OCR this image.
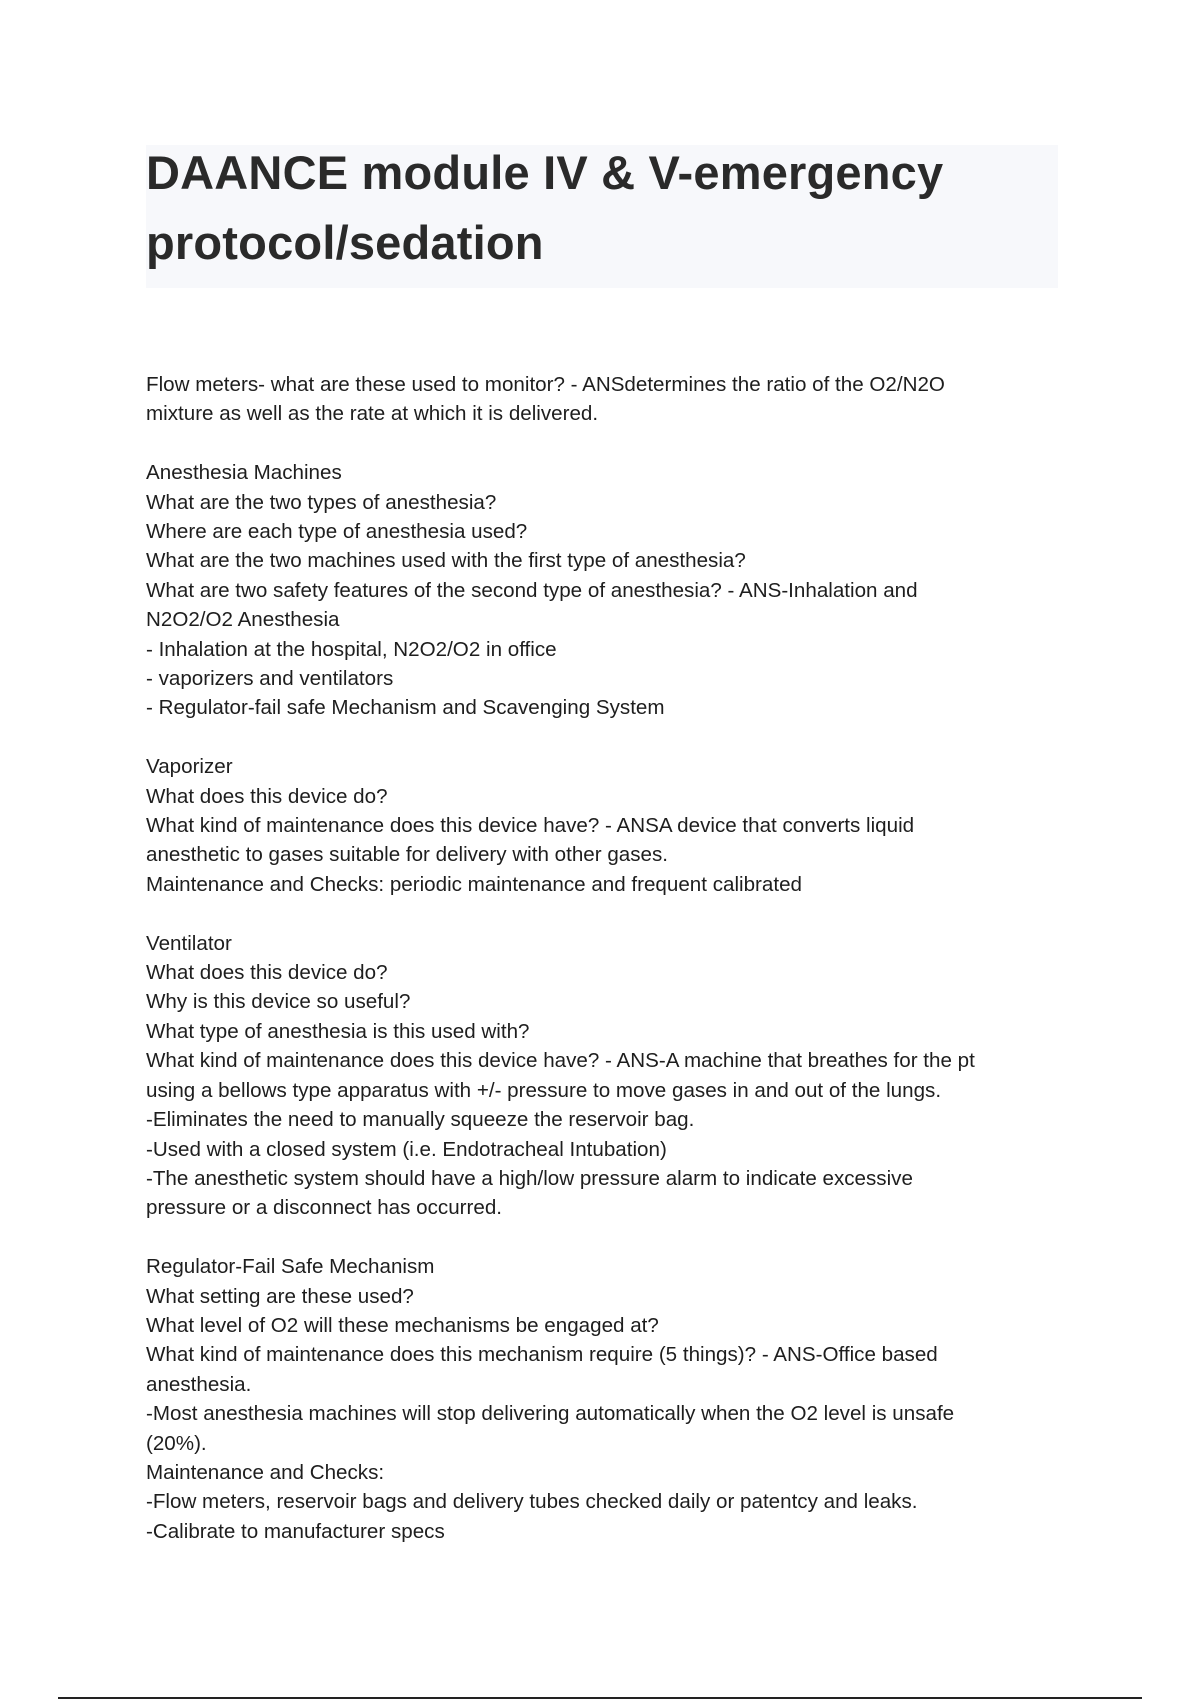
DAANCE module IV & V-emergency
protocol/sedation
Flow meters- what are these used to monitor? - ANSdetermines the ratio of the O2/N2O
mixture as well as the rate at which it is delivered.
Anesthesia Machines
What are the two types of anesthesia?
Where are each type of anesthesia used?
What are the two machines used with the first type of anesthesia?
What are two safety features of the second type of anesthesia? - ANS-Inhalation and
N2O2/O2 Anesthesia
- Inhalation at the hospital, N2O2/O2 in office
- vaporizers and ventilators
- Regulator-fail safe Mechanism and Scavenging System
Vaporizer
What does this device do?
What kind of maintenance does this device have? - ANSA device that converts liquid
anesthetic to gases suitable for delivery with other gases.
Maintenance and Checks: periodic maintenance and frequent calibrated
Ventilator
What does this device do?
Why is this device so useful?
What type of anesthesia is this used with?
What kind of maintenance does this device have? - ANS-A machine that breathes for the pt
using a bellows type apparatus with +/- pressure to move gases in and out of the lungs.
-Eliminates the need to manually squeeze the reservoir bag.
-Used with a closed system (i.e. Endotracheal Intubation)
-The anesthetic system should have a high/low pressure alarm to indicate excessive
pressure or a disconnect has occurred.
Regulator-Fail Safe Mechanism
What setting are these used?
What level of O2 will these mechanisms be engaged at?
What kind of maintenance does this mechanism require (5 things)? - ANS-Office based
anesthesia.
-Most anesthesia machines will stop delivering automatically when the O2 level is unsafe
(20%).
Maintenance and Checks:
-Flow meters, reservoir bags and delivery tubes checked daily or patentcy and leaks.
-Calibrate to manufacturer specs
